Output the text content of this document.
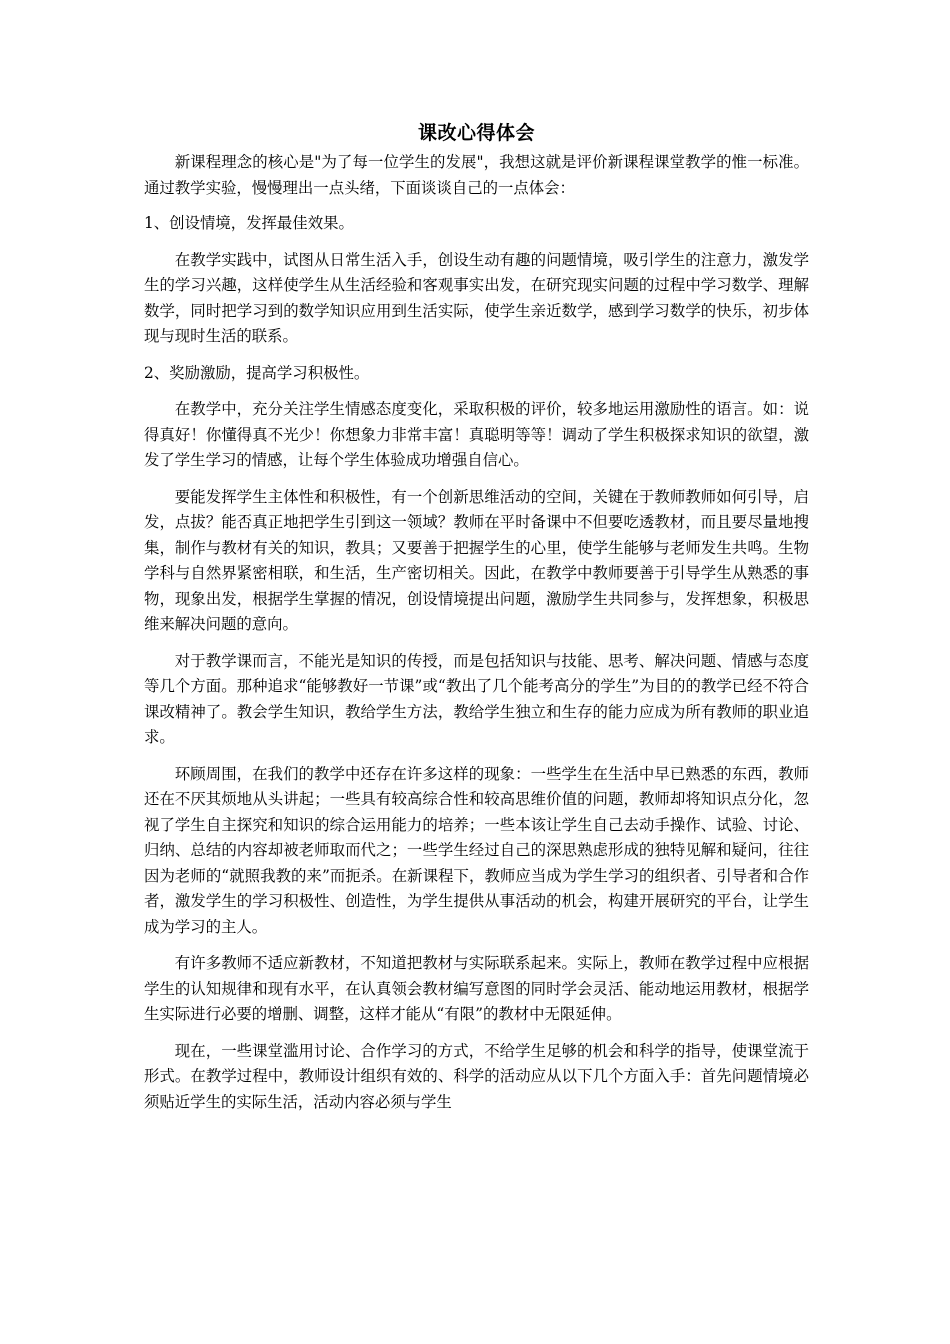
课改心得体会

新课程理念的核心是"为了每一位学生的发展"，我想这就是评价新课程课堂教学的惟一标准。通过教学实验，慢慢理出一点头绪，下面谈谈自己的一点体会：

1、创设情境，发挥最佳效果。

在教学实践中，试图从日常生活入手，创设生动有趣的问题情境，吸引学生的注意力，激发学生的学习兴趣，这样使学生从生活经验和客观事实出发，在研究现实问题的过程中学习数学、理解数学，同时把学习到的数学知识应用到生活实际，使学生亲近数学，感到学习数学的快乐，初步体现与现时生活的联系。

2、奖励激励，提高学习积极性。

在教学中，充分关注学生情感态度变化，采取积极的评价，较多地运用激励性的语言。如：说得真好！你懂得真不光少！你想象力非常丰富！真聪明等等！调动了学生积极探求知识的欲望，激发了学生学习的情感，让每个学生体验成功增强自信心。

要能发挥学生主体性和积极性，有一个创新思维活动的空间，关键在于教师教师如何引导，启发，点拔？能否真正地把学生引到这一领域？教师在平时备课中不但要吃透教材，而且要尽量地搜集，制作与教材有关的知识，教具；又要善于把握学生的心里，使学生能够与老师发生共鸣。生物学科与自然界紧密相联，和生活，生产密切相关。因此，在教学中教师要善于引导学生从熟悉的事物，现象出发，根据学生掌握的情况，创设情境提出问题，激励学生共同参与，发挥想象，积极思维来解决问题的意向。

对于教学课而言，不能光是知识的传授，而是包括知识与技能、思考、解决问题、情感与态度等几个方面。那种追求“能够教好一节课”或“教出了几个能考高分的学生”为目的的教学已经不符合课改精神了。教会学生知识，教给学生方法，教给学生独立和生存的能力应成为所有教师的职业追求。

环顾周围，在我们的教学中还存在许多这样的现象：一些学生在生活中早已熟悉的东西，教师还在不厌其烦地从头讲起；一些具有较高综合性和较高思维价值的问题，教师却将知识点分化，忽视了学生自主探究和知识的综合运用能力的培养；一些本该让学生自己去动手操作、试验、讨论、归纳、总结的内容却被老师取而代之；一些学生经过自己的深思熟虑形成的独特见解和疑问，往往因为老师的“就照我教的来”而扼杀。在新课程下，教师应当成为学生学习的组织者、引导者和合作者，激发学生的学习积极性、创造性，为学生提供从事活动的机会，构建开展研究的平台，让学生成为学习的主人。

有许多教师不适应新教材，不知道把教材与实际联系起来。实际上，教师在教学过程中应根据学生的认知规律和现有水平，在认真领会教材编写意图的同时学会灵活、能动地运用教材，根据学生实际进行必要的增删、调整，这样才能从“有限”的教材中无限延伸。

现在，一些课堂滥用讨论、合作学习的方式，不给学生足够的机会和科学的指导，使课堂流于形式。在教学过程中，教师设计组织有效的、科学的活动应从以下几个方面入手：首先问题情境必须贴近学生的实际生活，活动内容必须与学生
